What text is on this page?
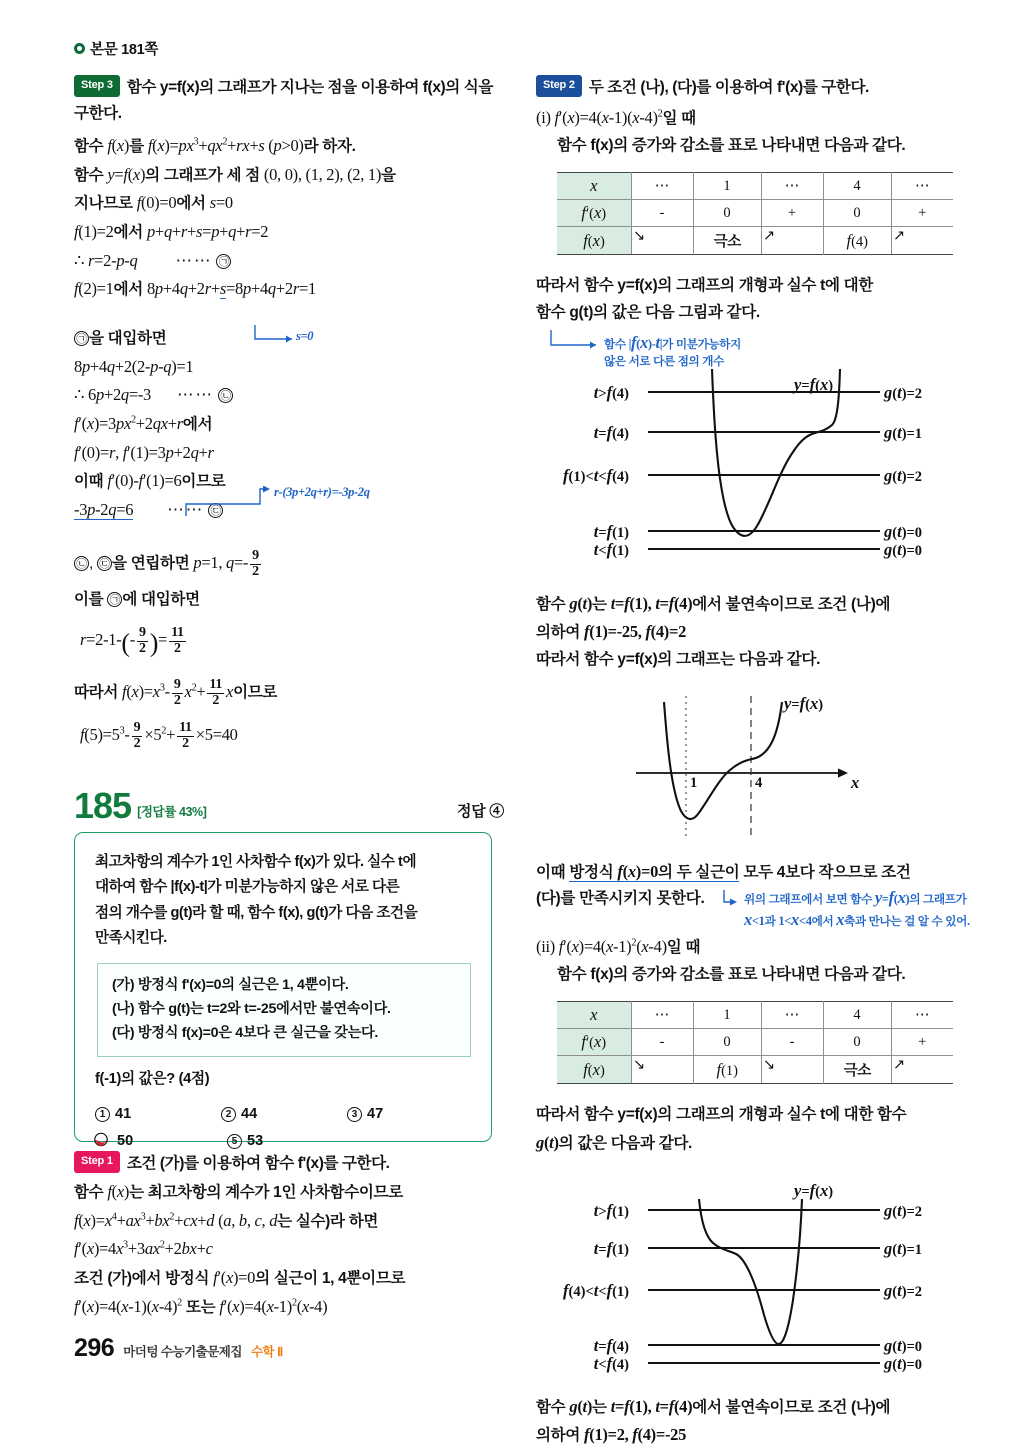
본문 181쪽
Step 3 함수 y=f(x)의 그래프가 지나는 점을 이용하여 f(x)의 식을
구한다.
함수 f(x)를 $f(x)=px^3+qx^2+rx+s$ (p>0)라 하자.
함수 y=f(x)의 그래프가 세 점 (0, 0), (1, 2), (2, 1)을
지나므로 f(0)=0에서 s=0
f(1)=2에서 p+q+r+s=p+q+r=2
∴ r=2-p-q ⋯⋯ ㉠
f(2)=1에서 8p+4q+2r+s=8p+4q+2r=1
s=0
㉠ 을 대입하면
8p+4q+2(2-p-q)=1
∴ 6p+2q=-3 ⋯⋯ ㉡
$f'(x)=3px^2+2qx+r$에서
f′(0)=r, f′(1)=3p+2q+r
이때 f′(0)-f′(1)=6이므로
-3p-2q=6 ⋯⋯ ㉢
r-(3p+2q+r)=-3p-2q
㉡ , ㉢ 을 연립하면 p=1, $q=- \frac{9}{2}$
이를 ㉠ 에 대입하면
$r=2-1-(- \frac{9}{2}$ )= $\frac{11}{2}$
따라서 $f(x)=x^3- \frac{9}{2} x^2+ \frac{11}{2}$ x이므로
$f(5)=5^3- \frac{9}{2} \times 5^2+ \frac{11}{2} \times 5=40$
185 [정답률 43%]	정답 ④
최고차항의 계수가 1인 사차함수 f(x)가 있다. 실수 t에
대하여 함수 |f(x)-t|가 미분가능하지 않은 서로 다른
점의 개수를 g(t)라 할 때, 함수 f(x), g(t)가 다음 조건을
만족시킨다.
(가) 방정식 f'(x)=0의 실근은 1, 4뿐이다.
(나) 함수 g(t)는 t=2와 t=-25에서만 불연속이다.
(다) 방정식 f(x)=0은 4보다 큰 실근을 갖는다.
f(-1)의 값은? (4점)
1 41	2 44	3 47
50	5 53
Step 1 조건 (가)를 이용하여 함수 f'(x)를 구한다.
함수 f(x)는 최고차항의 계수가 1인 사차함수이므로
$f(x)=x^4+ax^3+bx^2+cx+d$ (a, b, c, d는 실수)라 하면
$f'(x)=4x^3+3ax^2+2bx+c$
조건 (가)에서 방정식 f′(x)=0의 실근이 1, 4뿐이므로
$f'(x)=4(x-1)(x-4)^2$ 또는 $f'(x)=4(x-1)^2(x-4)$
Step 2 두 조건 (나), (다)를 이용하여 f'(x)를 구한다.
(i) $f'(x)=4(x-1)(x-4)^2$일 때
함수 f(x)의 증가와 감소를 표로 나타내면 다음과 같다.
x	⋯	1	⋯	4	⋯
f′(x)	-	0	+	0	+
f(x)	↘	극소	↗	f(4)	↗
따라서 함수 y=f(x)의 그래프의 개형과 실수 t에 대한
함수 g(t)의 값은 다음 그림과 같다.
함수 |f(x)-t|가 미분가능하지
않은 서로 다른 점의 개수
y=f(x)
t>f(4)
t=f(4)
f(1)<t<f(4)
t=f(1)
t<f(1)
g(t)=2
g(t)=1
g(t)=2
g(t)=0
g(t)=0
함수 g(t)는 t=f(1), t=f(4)에서 불연속이므로 조건 (나)에
의하여 f(1)=-25, f(4)=2
따라서 함수 y=f(x)의 그래프는 다음과 같다.
y=f(x)
1	4	x
이때 방정식 f(x)=0의 두 실근이 모두 4보다 작으므로 조건
(다)를 만족시키지 못한다.	위의 그래프에서 보면 함수 y=f(x)의 그래프가
x<1과 1<x<4에서 x축과 만나는 걸 알 수 있어.
(ii) $f'(x)=4(x-1)^2(x-4)$일 때
함수 f(x)의 증가와 감소를 표로 나타내면 다음과 같다.
x	⋯	1	⋯	4	⋯
f′(x)	-	0	-	0	+
f(x)	↘	f(1)	↘	극소	↗
따라서 함수 y=f(x)의 그래프의 개형과 실수 t에 대한 함수
g(t)의 값은 다음과 같다.
y=f(x)
t>f(1)
t=f(1)
f(4)<t<f(1)
t=f(4)
t<f(4)
g(t)=2
g(t)=1
g(t)=2
g(t)=0
g(t)=0
함수 g(t)는 t=f(1), t=f(4)에서 불연속이므로 조건 (나)에
의하여 f(1)=2, f(4)=-25
296 마더텅 수능기출문제집 수학 Ⅱ
